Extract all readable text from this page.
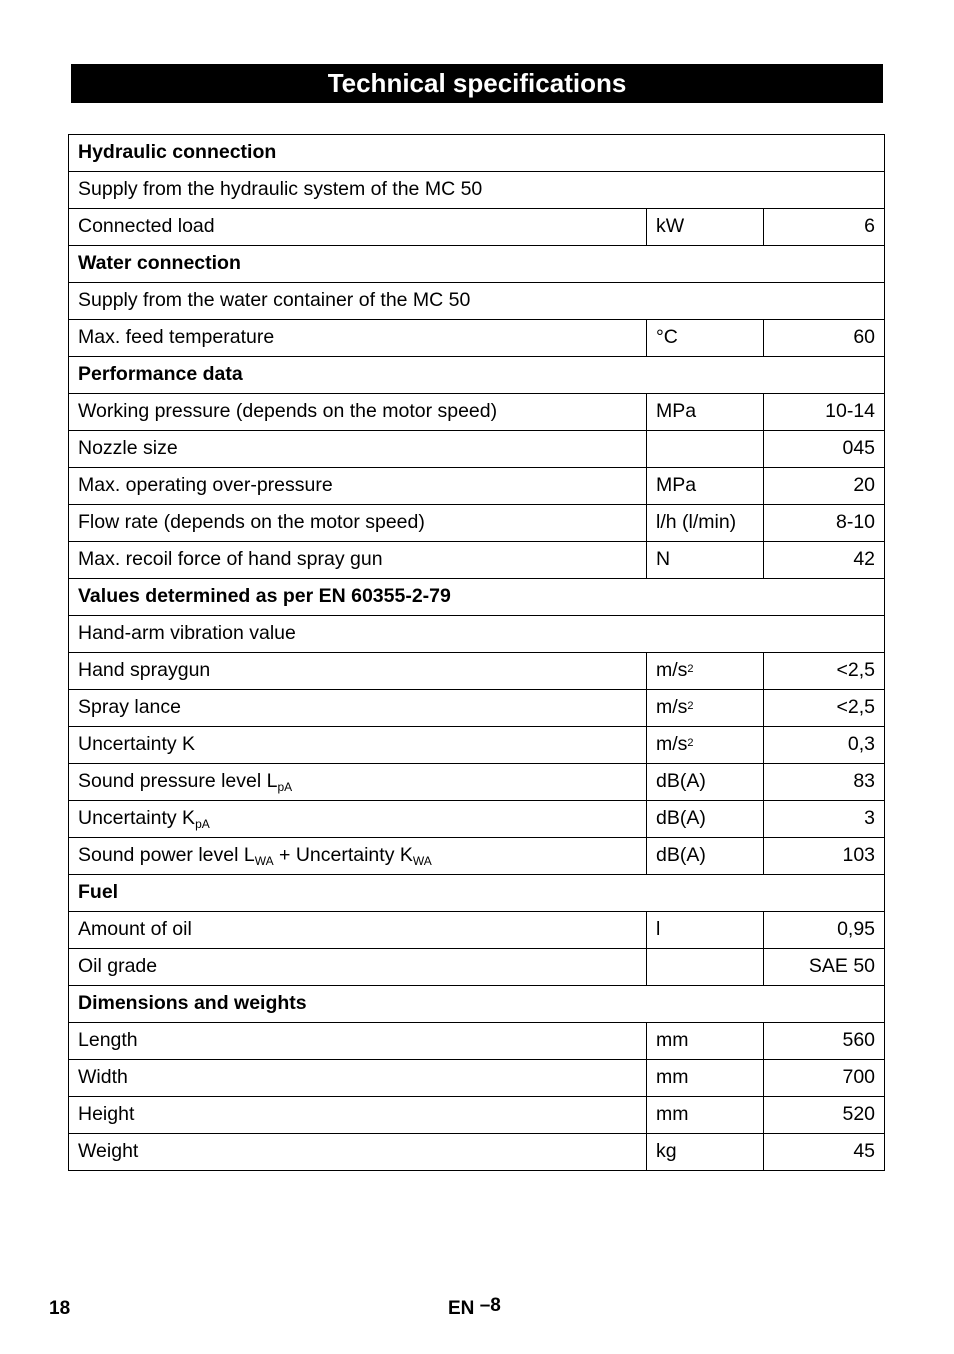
Technical specifications
Hydraulic connection		
Supply from the hydraulic system of the MC 50		
Connected load	kW	6
Water connection		
Supply from the water container of the MC 50		
Max. feed temperature	°C	60
Performance data		
Working pressure (depends on the motor speed)	MPa	10-14
Nozzle size		045
Max. operating over-pressure	MPa	20
Flow rate (depends on the motor speed)	l/h (l/min)	8-10
Max. recoil force of hand spray gun	N	42
Values determined as per EN 60355-2-79		
Hand-arm vibration value		
Hand spraygun	$m/s^2$	<2,5
Spray lance	$m/s^2$	<2,5
Uncertainty K	$m/s^2$	0,3
Sound pressure level $L_{pA}$	dB(A)	83
Uncertainty $K_{pA}$	dB(A)	3
Sound power level $L_{WA}$ + Uncertainty $K_{WA}$	dB(A)	103
Fuel		
Amount of oil	l	0,95
Oil grade		SAE 50
Dimensions and weights		
Length	mm	560
Width	mm	700
Height	mm	520
Weight	kg	45
18	EN –8
